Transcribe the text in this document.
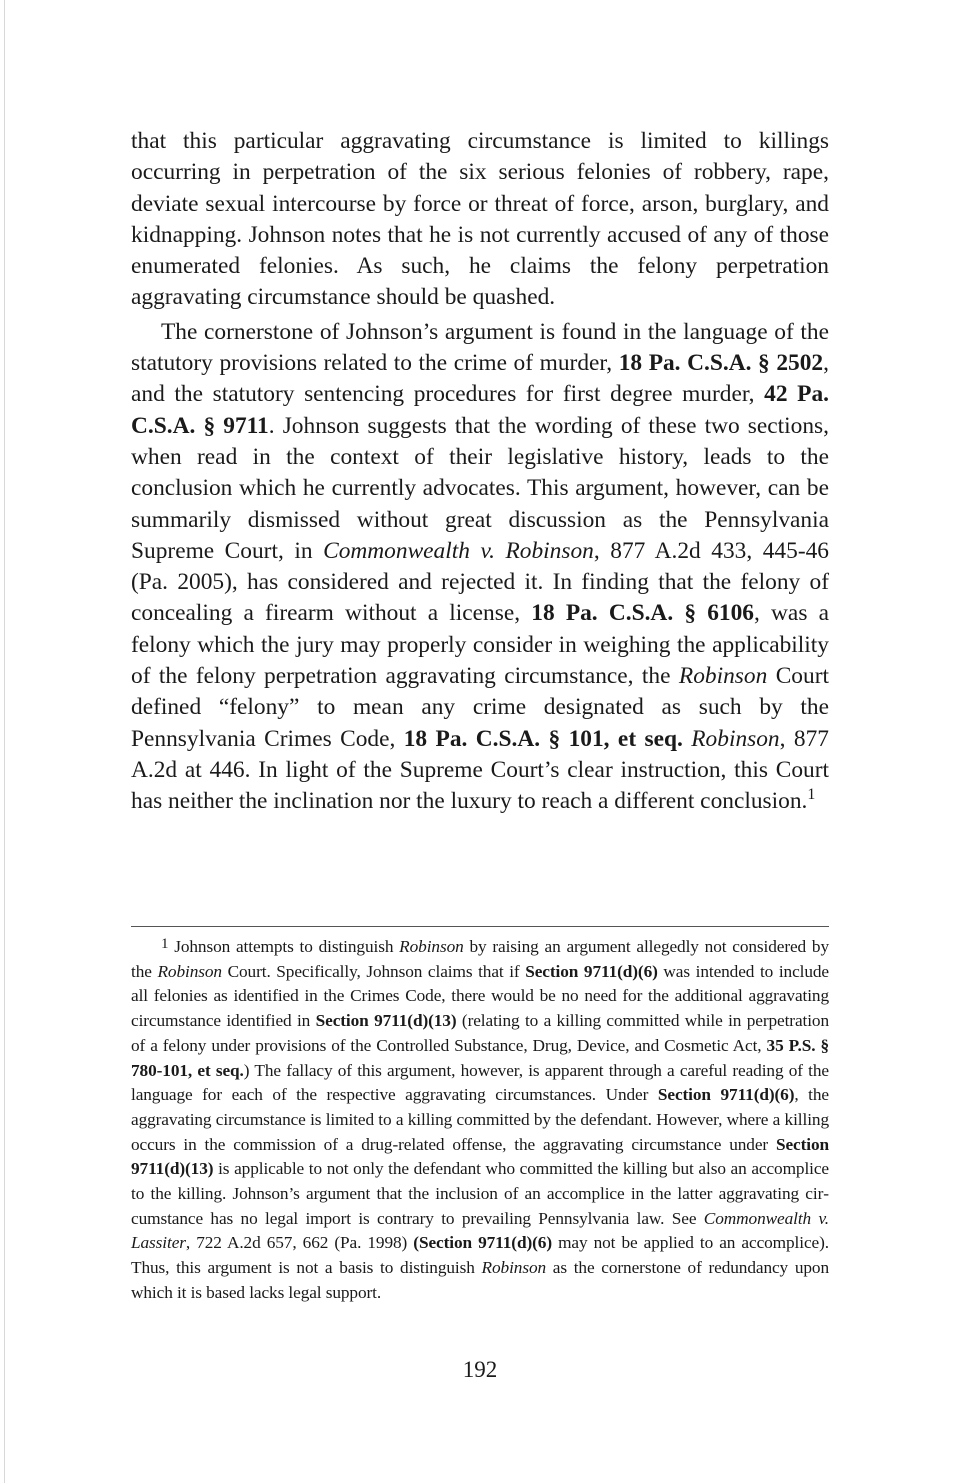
that this particular aggravating circumstance is limited to killings occurring in perpetration of the six serious felonies of robbery, rape, deviate sexual intercourse by force or threat of force, arson, burglary, and kidnapping. Johnson notes that he is not currently accused of any of those enumerated felonies. As such, he claims the felony perpetration aggravating circumstance should be quashed.

The cornerstone of Johnson’s argument is found in the language of the statutory provisions related to the crime of murder, 18 Pa. C.S.A. § 2502, and the statutory sentencing procedures for first degree murder, 42 Pa. C.S.A. § 9711. Johnson suggests that the wording of these two sections, when read in the context of their legislative history, leads to the conclusion which he currently advocates. This argument, however, can be summarily dismissed without great discussion as the Pennsylvania Supreme Court, in Commonwealth v. Robinson, 877 A.2d 433, 445-46 (Pa. 2005), has considered and rejected it. In finding that the felony of concealing a firearm without a license, 18 Pa. C.S.A. § 6106, was a felony which the jury may properly consider in weighing the applicability of the felony perpetration aggravating circumstance, the Robinson Court defined “felony” to mean any crime designated as such by the Pennsylvania Crimes Code, 18 Pa. C.S.A. § 101, et seq. Robinson, 877 A.2d at 446. In light of the Supreme Court’s clear instruction, this Court has neither the inclination nor the luxury to reach a different conclusion.$^1$

$^1$ Johnson attempts to distinguish Robinson by raising an argument allegedly not considered by the Robinson Court. Specifically, Johnson claims that if Section 9711(d)(6) was intended to include all felonies as identified in the Crimes Code, there would be no need for the additional aggravating circumstance identified in Section 9711(d)(13) (relating to a killing committed while in perpetration of a felony under provisions of the Controlled Substance, Drug, Device, and Cosmetic Act, 35 P.S. § 780-101, et seq.) The fallacy of this argument, however, is apparent through a careful reading of the language for each of the respective aggravating circumstances. Under Section 9711(d)(6), the aggravating circumstance is limited to a killing committed by the defendant. However, where a killing occurs in the commission of a drug-related offense, the aggravating circumstance under Section 9711(d)(13) is applicable to not only the defendant who committed the killing but also an accomplice to the killing. Johnson’s argument that the inclusion of an accomplice in the latter aggravating circumstance has no legal import is contrary to prevailing Pennsylvania law. See Commonwealth v. Lassiter, 722 A.2d 657, 662 (Pa. 1998) (Section 9711(d)(6) may not be applied to an accomplice). Thus, this argument is not a basis to distinguish Robinson as the cornerstone of redundancy upon which it is based lacks legal support.

192
